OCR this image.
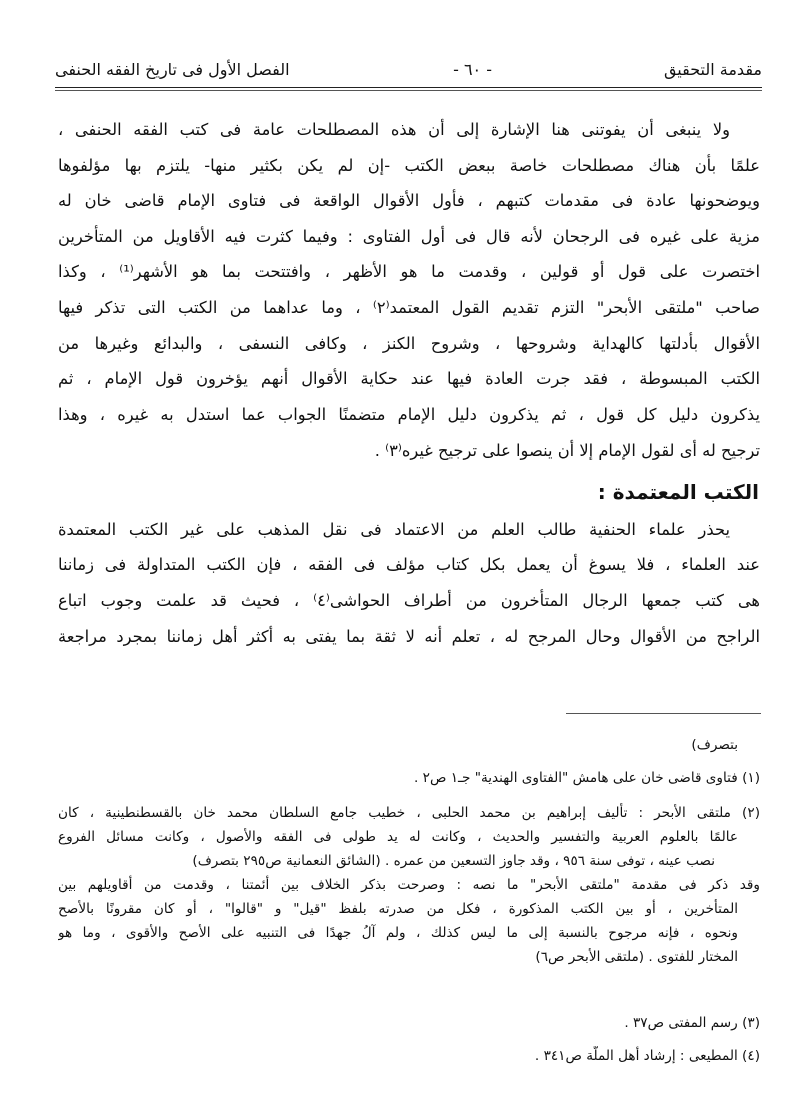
مقدمة التحقيق
- ٦٠ -
الفصل الأول فى تاريخ الفقه الحنفى
ولا ينبغى أن يفوتنى هنا الإشارة إلى أن هذه المصطلحات عامة فى كتب الفقه الحنفى ،
علمًا بأن هناك مصطلحات خاصة ببعض الكتب -إن لم يكن بكثير منها- يلتزم بها مؤلفوها
ويوضحونها عادة فى مقدمات كتبهم ، فأول الأقوال الواقعة فى فتاوى الإمام قاضى خان له
مزية على غيره فى الرجحان لأنه قال فى أول الفتاوى : وفيما كثرت فيه الأقاويل من المتأخرين
اختصرت على قول أو قولين ، وقدمت ما هو الأظهر ، وافتتحت بما هو الأشهر⁽¹⁾ ، وكذا
صاحب "ملتقى الأبحر" التزم تقديم القول المعتمد⁽٢⁾ ، وما عداهما من الكتب التى تذكر فيها
الأقوال بأدلتها كالهداية وشروحها ، وشروح الكنز ، وكافى النسفى ، والبدائع وغيرها من
الكتب المبسوطة ، فقد جرت العادة فيها عند حكاية الأقوال أنهم يؤخرون قول الإمام ، ثم
يذكرون دليل كل قول ، ثم يذكرون دليل الإمام متضمنًا الجواب عما استدل به غيره ، وهذا
ترجيح له أى لقول الإمام إلا أن ينصوا على ترجيح غيره⁽٣⁾ .
الكتب المعتمدة :
يحذر علماء الحنفية طالب العلم من الاعتماد فى نقل المذهب على غير الكتب المعتمدة
عند العلماء ، فلا يسوغ أن يعمل بكل كتاب مؤلف فى الفقه ، فإن الكتب المتداولة فى زماننا
هى كتب جمعها الرجال المتأخرون من أطراف الحواشى⁽٤⁾ ، فحيث قد علمت وجوب اتباع
الراجح من الأقوال وحال المرجح له ، تعلم أنه لا ثقة بما يفتى به أكثر أهل زماننا بمجرد مراجعة
بتصرف)
(١) فتاوى قاضى خان على هامش "الفتاوى الهندية" جـ١ ص٢ .
(٢) ملتقى الأبحر : تأليف إبراهيم بن محمد الحلبى ، خطيب جامع السلطان محمد خان بالقسطنطينية ، كان
عالمًا بالعلوم العربية والتفسير والحديث ، وكانت له يد طولى فى الفقه والأصول ، وكانت مسائل الفروع
نصب عينه ، توفى سنة ٩٥٦ ، وقد جاوز التسعين من عمره . (الشائق النعمانية ص٢٩٥ بتصرف)
وقد ذكر فى مقدمة "ملتقى الأبحر" ما نصه : وصرحت بذكر الخلاف بين أئمتنا ، وقدمت من أقاويلهم بين
المتأخرين ، أو بين الكتب المذكورة ، فكل من صدرته بلفظ "قيل" و "قالوا" ، أو كان مقرونًا بالأصح
ونحوه ، فإنه مرجوح بالنسبة إلى ما ليس كذلك ، ولم آلُ جهدًا فى التنبيه على الأصح والأقوى ، وما هو
المختار للفتوى . (ملتقى الأبحر ص٦)
(٣) رسم المفتى ص٣٧ .
(٤) المطيعى : إرشاد أهل الملّة ص٣٤١ .
